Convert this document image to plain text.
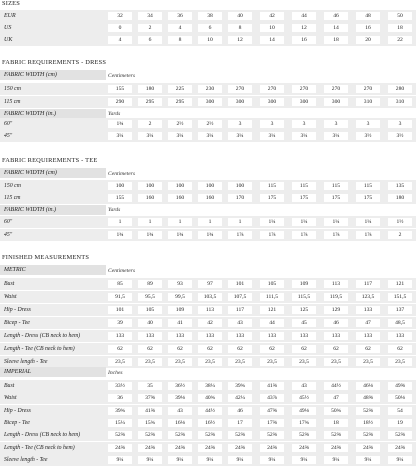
SIZES
EUR	32	34	36	38	40	42	44	46	48	50
US	0	2	4	6	8	10	12	14	16	18
UK	4	6	8	10	12	14	16	18	20	22
FABRIC REQUIREMENTS - DRESS
FABRIC WIDTH (cm)	Centimeters
150 cm	155	180	225	230	270	270	270	270	270	280
115 cm	290	295	295	300	300	300	300	300	310	310
FABRIC WIDTH (in.)	Yards
60"	1¾	2	2½	2½	3	3	3	3	3	3
45"	3¼	3¼	3¼	3¼	3¼	3¼	3¼	3¼	3½	3½
FABRIC REQUIREMENTS - TEE
FABRIC WIDTH (cm)	Centimeters
150 cm	100	100	100	100	100	115	115	115	115	135
115 cm	155	160	160	160	170	175	175	175	175	180
FABRIC WIDTH (in.)	Yards
60"	1	1	1	1	1	1¼	1¼	1¼	1¼	1½
45"	1¾	1¾	1¾	1¾	1⅞	1⅞	1⅞	1⅞	1⅞	2
FINISHED MEASUREMENTS
METRIC	Centimeters
Bust	85	89	93	97	101	105	109	113	117	121
Waist	91,5	95,5	99,5	103,5	107,5	111,5	115,5	119,5	123,5	151,5
Hip - Dress	101	105	109	113	117	121	125	129	133	137
Bicep - Tee	39	40	41	42	43	44	45	46	47	48,5
Length - Dress (CB neck to hem)	133	133	133	133	133	133	133	133	133	133
Length - Tee (CB neck to hem)	62	62	62	62	62	62	62	62	62	62
Sleeve length - Tee	23,5	23,5	23,5	23,5	23,5	23,5	23,5	23,5	23,5	23,5
IMPERIAL	Inches
Bust	33½	35	36½	38¼	39¾	41⅜	43	44½	46⅛	49⅝
Waist	36	37⅝	39⅛	40¾	42¼	43⅞	45½	47	48⅝	50⅛
Hip - Dress	39¾	41⅜	43	44½	46	47⅝	49⅛	50¾	52⅜	54
Bicep - Tee	15¼	15¾	16⅛	16½	17	17⅜	17¾	18	18½	19
Length - Dress (CB neck to hem)	52⅜	52⅜	52⅜	52⅜	52⅜	52⅜	52⅜	52⅜	52⅜	52⅜
Length - Tee (CB neck to hem)	24⅜	24⅜	24⅜	24⅜	24⅜	24⅜	24⅜	24⅜	24⅜	24⅜
Sleeve length - Tee	9¼	9¼	9¼	9¼	9¼	9¼	9¼	9¼	9¼	9¼
